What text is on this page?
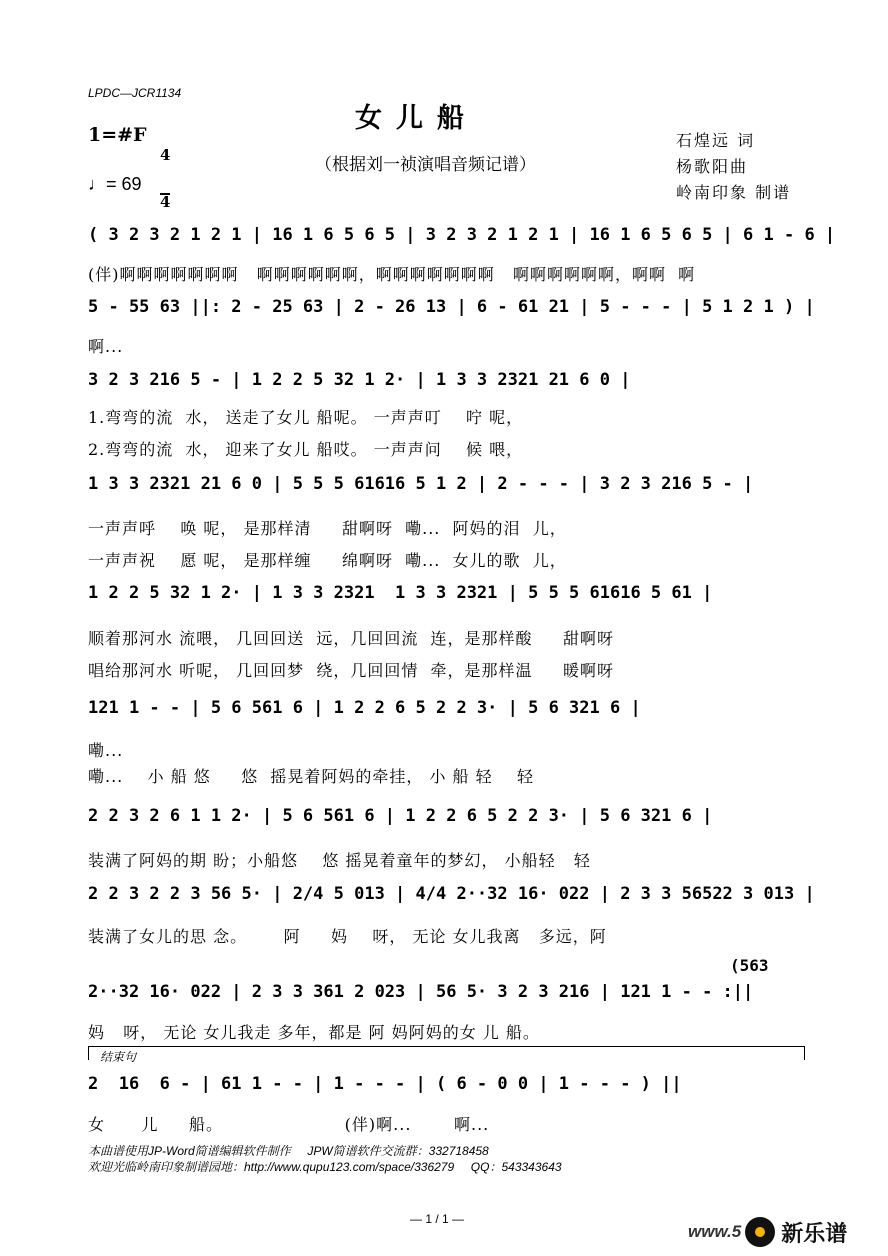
LPDC—JCR1134
女儿船
（根据刘一祯演唱音频记谱）
1=#F

4

4

♩= 69
石煌远 词
杨歌阳曲
岭南印象 制谱
( 3 2 3 2 1 2 1 | 16 1 6 5 6 5 | 3 2 3 2 1 2 1 | 16 1 6 5 6 5 | 6 1 - 6 |
(伴)啊啊啊啊啊啊啊   啊啊啊啊啊啊，啊啊啊啊啊啊啊   啊啊啊啊啊啊，啊啊  啊
5 - 55 63 ||: 2 - 25 63 | 2 - 26 13 | 6 - 61 21 | 5 - - - | 5 1 2 1 ) |
啊...
3 2 3 216 5 - | 1 2 2 5 32 1 2· | 1 3 3 2321 21 6 0 |
1.弯弯的流  水， 送走了女儿 船呢。 一声声叮    咛 呢，
2.弯弯的流  水， 迎来了女儿 船哎。 一声声问    候 喂，
1 3 3 2321 21 6 0 | 5 5 5 61616 5 1 2 | 2 - - - | 3 2 3 216 5 - |
一声声呼    唤 呢， 是那样清     甜啊呀  嘞...  阿妈的泪  儿，
一声声祝    愿 呢， 是那样缠     绵啊呀  嘞...  女儿的歌  儿，
1 2 2 5 32 1 2· | 1 3 3 2321  1 3 3 2321 | 5 5 5 61616 5 61 |
顺着那河水 流喂， 几回回送  远，几回回流  连，是那样酸     甜啊呀
唱给那河水 听呢， 几回回梦  绕，几回回情  牵，是那样温     暖啊呀
121 1 - - | 5 6 561 6 | 1 2 2 6 5 2 2 3· | 5 6 321 6 |
嘞...
嘞...    小 船 悠     悠  摇晃着阿妈的牵挂， 小 船 轻    轻
2 2 3 2 6 1 1 2· | 5 6 561 6 | 1 2 2 6 5 2 2 3· | 5 6 321 6 |
装满了阿妈的期 盼；小船悠    悠 摇晃着童年的梦幻， 小船轻   轻
2 2 3 2 2 3 56 5· | 2/4 5 013 | 4/4 2··32 16· 022 | 2 3 3 56522 3 013 |
装满了女儿的思 念。      阿     妈    呀， 无论 女儿我离   多远，阿
(563
2··32 16· 022 | 2 3 3 361 2 023 | 56 5· 3 2 3 216 | 121 1 - - :||
妈   呀， 无论 女儿我走 多年，都是 阿 妈阿妈的女 儿 船。
结束句
2  16  6 - | 61 1 - - | 1 - - - | ( 6 - 0 0 | 1 - - - ) ||
女      儿     船。                    (伴)啊...       啊...
本曲谱使用JP-Word简谱编辑软件制作     JPW简谱软件交流群：332718458
欢迎光临岭南印象制谱园地：http://www.qupu123.com/space/336279     QQ：543343643
— 1 / 1 —
www.5 新乐谱
